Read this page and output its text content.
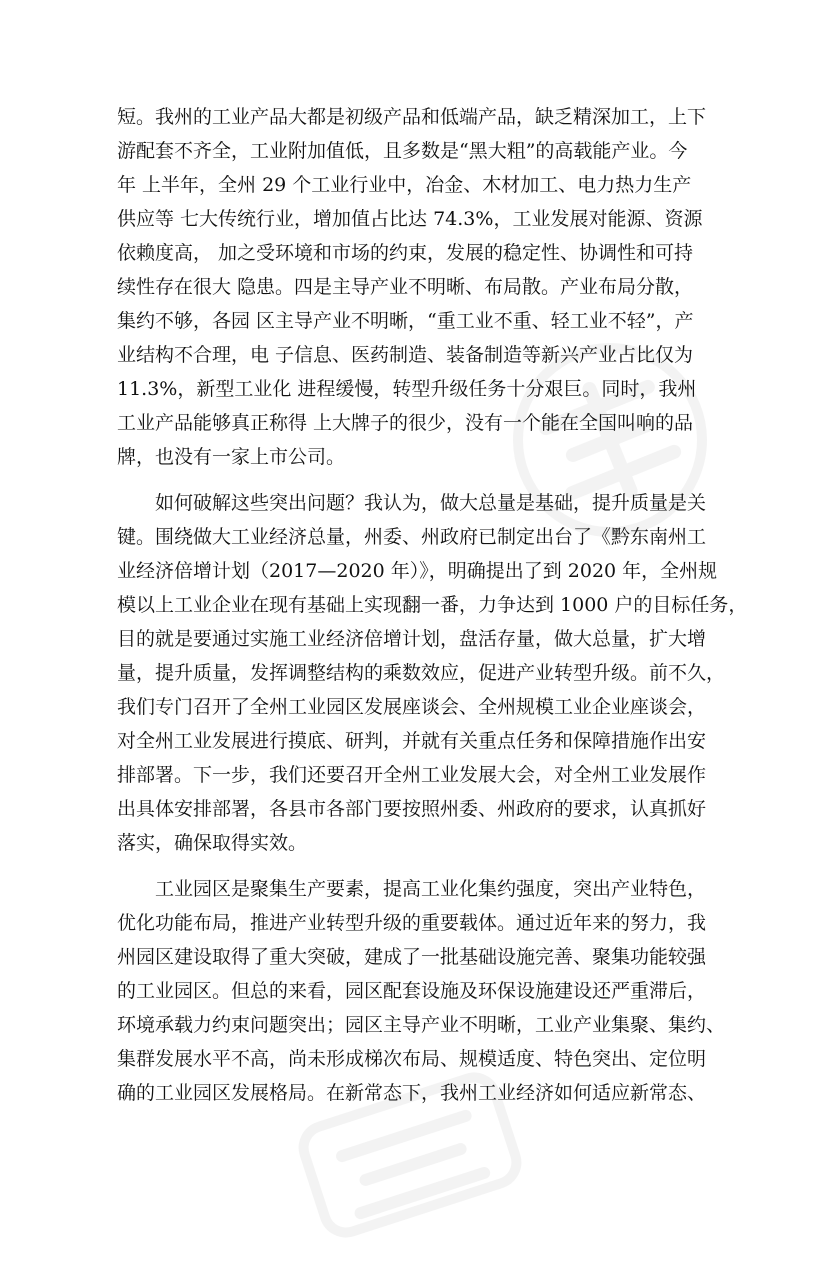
短。我州的工业产品大都是初级产品和低端产品，缺乏精深加工，上下
游配套不齐全，工业附加值低，且多数是“黑大粗”的高载能产业。今
年 上半年，全州 29 个工业行业中，冶金、木材加工、电力热力生产
供应等 七大传统行业，增加值占比达 74.3%，工业发展对能源、资源
依赖度高， 加之受环境和市场的约束，发展的稳定性、协调性和可持
续性存在很大 隐患。四是主导产业不明晰、布局散。产业布局分散，
集约不够，各园 区主导产业不明晰，“重工业不重、轻工业不轻”，产
业结构不合理，电 子信息、医药制造、装备制造等新兴产业占比仅为
11.3%，新型工业化 进程缓慢，转型升级任务十分艰巨。同时，我州
工业产品能够真正称得 上大牌子的很少，没有一个能在全国叫响的品
牌，也没有一家上市公司。
　　如何破解这些突出问题？我认为，做大总量是基础，提升质量是关
键。围绕做大工业经济总量，州委、州政府已制定出台了《黔东南州工
业经济倍增计划（2017—2020 年）》，明确提出了到 2020 年，全州规
模以上工业企业在现有基础上实现翻一番，力争达到 1000 户的目标任务，
目的就是要通过实施工业经济倍增计划，盘活存量，做大总量，扩大增
量，提升质量，发挥调整结构的乘数效应，促进产业转型升级。前不久，
我们专门召开了全州工业园区发展座谈会、全州规模工业企业座谈会，
对全州工业发展进行摸底、研判，并就有关重点任务和保障措施作出安
排部署。下一步，我们还要召开全州工业发展大会，对全州工业发展作
出具体安排部署，各县市各部门要按照州委、州政府的要求，认真抓好
落实，确保取得实效。
　　工业园区是聚集生产要素，提高工业化集约强度，突出产业特色，
优化功能布局，推进产业转型升级的重要载体。通过近年来的努力，我
州园区建设取得了重大突破，建成了一批基础设施完善、聚集功能较强
的工业园区。但总的来看，园区配套设施及环保设施建设还严重滞后，
环境承载力约束问题突出；园区主导产业不明晰，工业产业集聚、集约、
集群发展水平不高，尚未形成梯次布局、规模适度、特色突出、定位明
确的工业园区发展格局。在新常态下，我州工业经济如何适应新常态、
